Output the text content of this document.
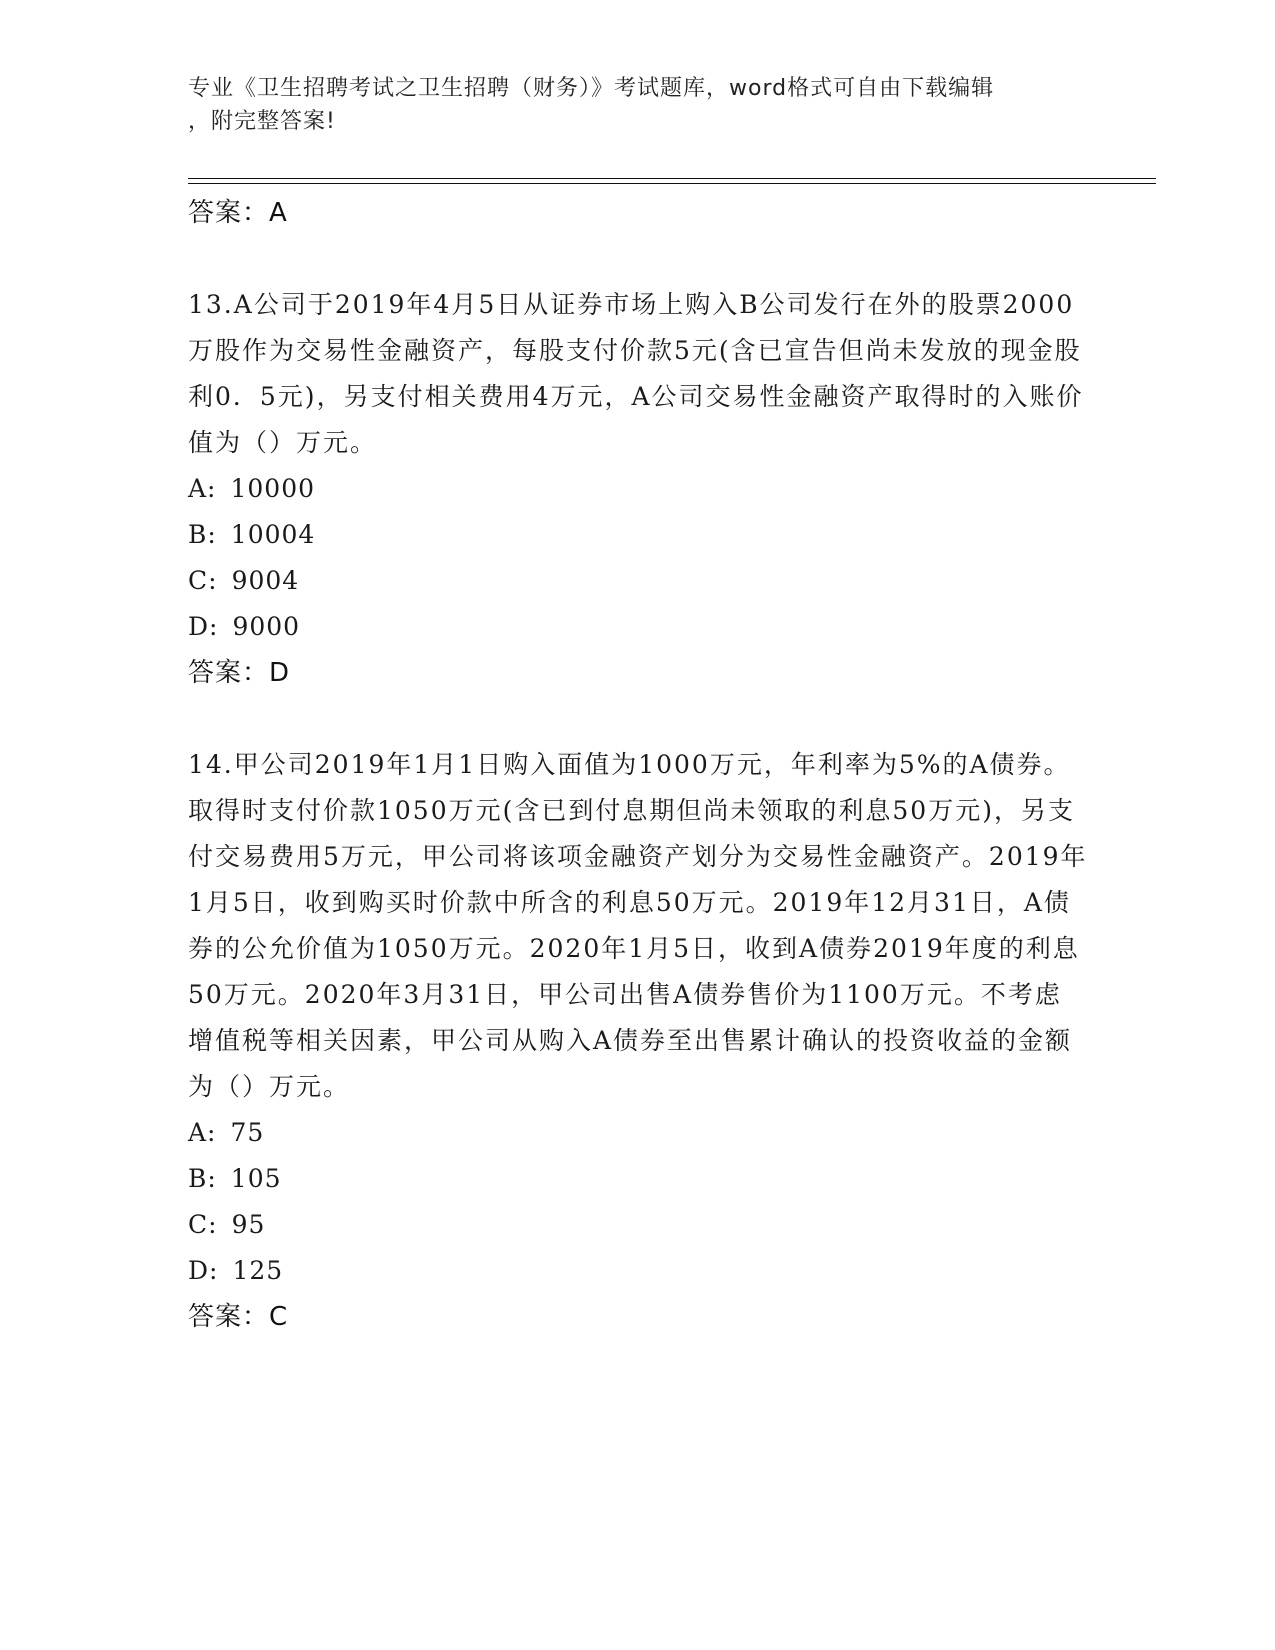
专业《卫生招聘考试之卫生招聘（财务）》考试题库，word格式可自由下载编辑
，附完整答案!
答案：A
13.A公司于2019年4月5日从证券市场上购入B公司发行在外的股票2000万股作为交易性金融资产，每股支付价款5元(含已宣告但尚未发放的现金股利0．5元)，另支付相关费用4万元，A公司交易性金融资产取得时的入账价值为（）万元。
A: 10000
B: 10004
C: 9004
D: 9000
答案：D
14.甲公司2019年1月1日购入面值为1000万元，年利率为5%的A债券。取得时支付价款1050万元(含已到付息期但尚未领取的利息50万元)，另支付交易费用5万元，甲公司将该项金融资产划分为交易性金融资产。2019年1月5日，收到购买时价款中所含的利息50万元。2019年12月31日，A债券的公允价值为1050万元。2020年1月5日，收到A债券2019年度的利息50万元。2020年3月31日，甲公司出售A债券售价为1100万元。不考虑增值税等相关因素，甲公司从购入A债券至出售累计确认的投资收益的金额为（）万元。
A: 75
B: 105
C: 95
D: 125
答案：C
